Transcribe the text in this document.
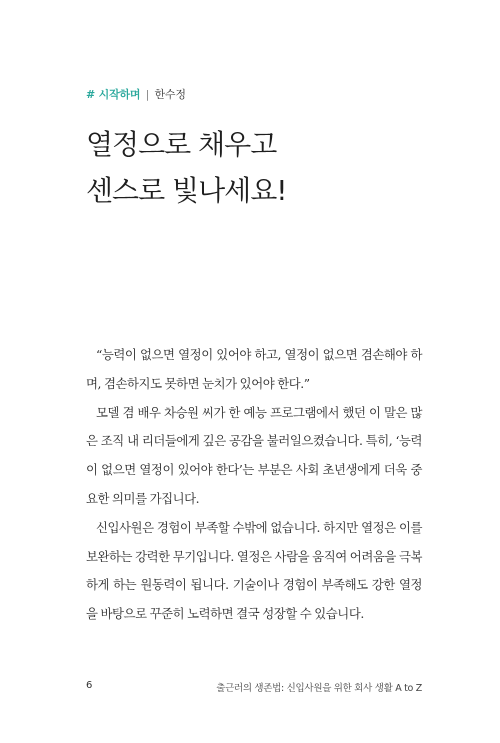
# 시작하며 | 한수정
열정으로 채우고
센스로 빛나세요!

“능력이 없으면 열정이 있어야 하고, 열정이 없으면 겸손해야 하며, 겸손하지도 못하면 눈치가 있어야 한다.”

모델 겸 배우 차승원 씨가 한 예능 프로그램에서 했던 이 말은 많은 조직 내 리더들에게 깊은 공감을 불러일으켰습니다. 특히, ‘능력이 없으면 열정이 있어야 한다’는 부분은 사회 초년생에게 더욱 중요한 의미를 가집니다.

신입사원은 경험이 부족할 수밖에 없습니다. 하지만 열정은 이를 보완하는 강력한 무기입니다. 열정은 사람을 움직여 어려움을 극복하게 하는 원동력이 됩니다. 기술이나 경험이 부족해도 강한 열정을 바탕으로 꾸준히 노력하면 결국 성장할 수 있습니다.

6	출근러의 생존법: 신입사원을 위한 회사 생활 A to Z
